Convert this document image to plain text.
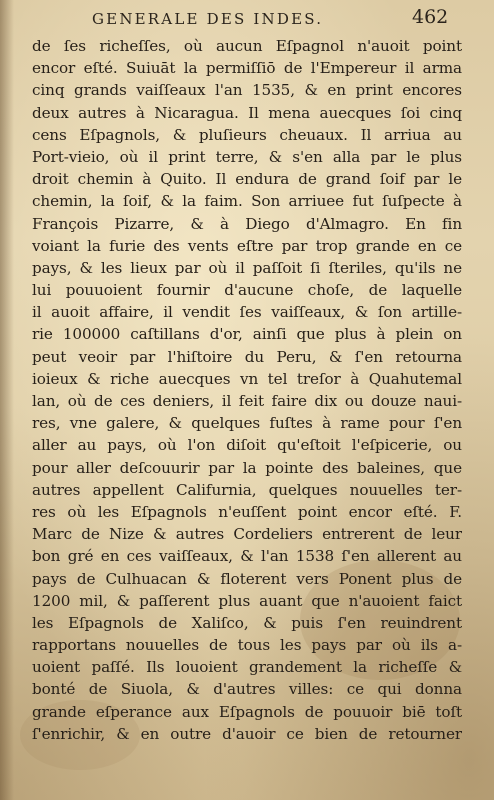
GENERALE DES INDES.	462
de ſes richeſſes, où aucun Eſpagnol n'auoit point
encor eſté. Suiuāt la permiſſiō de l'Empereur il arma
cinq grands vaiſſeaux l'an 1535, & en print encores
deux autres à Nicaragua. Il mena auecques ſoi cinq
cens Eſpagnols, & pluſieurs cheuaux. Il arriua au
Port-vieio, où il print terre, & s'en alla par le plus
droit chemin à Quito. Il endura de grand ſoif par le
chemin, la ſoif, & la faim. Son arriuee fut ſuſpecte à
François Pizarre, & à Diego d'Almagro. En fin
voiant la furie des vents eſtre par trop grande en ce
pays, & les lieux par où il paſſoit ſi ſteriles, qu'ils ne
lui pouuoient fournir d'aucune choſe, de laquelle
il auoit affaire, il vendit ſes vaiſſeaux, & ſon artille-
rie 100000 caſtillans d'or, ainſi que plus à plein on
peut veoir par l'hiſtoire du Peru, & ſ'en retourna
ioieux & riche auecques vn tel treſor à Quahutemal
lan, où de ces deniers, il feit faire dix ou douze nauі-
res, vne galere, & quelques fuſtes à rame pour ſ'en
aller au pays, où l'on diſoit qu'eſtoit l'eſpicerie, ou
pour aller deſcouurir par la pointe des baleines, que
autres appellent Califurnia, quelques nouuelles ter-
res où les Eſpagnols n'euſſent point encor eſté. F.
Marc de Nize & autres Cordeliers entrerent de leur
bon gré en ces vaiſſeaux, & l'an 1538 ſ'en allerent au
pays de Culhuacan & floterent vers Ponent plus de
1200 mil, & paſſerent plus auant que n'auoient faict
les Eſpagnols de Xaliſco, & puis ſ'en reuindrent
rapportans nouuelles de tous les pays par où ils a-
uoient paſſé. Ils louoient grandement la richeſſe &
bonté de Siuola, & d'autres villes: ce qui donna
grande eſperance aux Eſpagnols de pouuoir biē toſt
ſ'enrichir, & en outre d'auoir ce bien de retourner
